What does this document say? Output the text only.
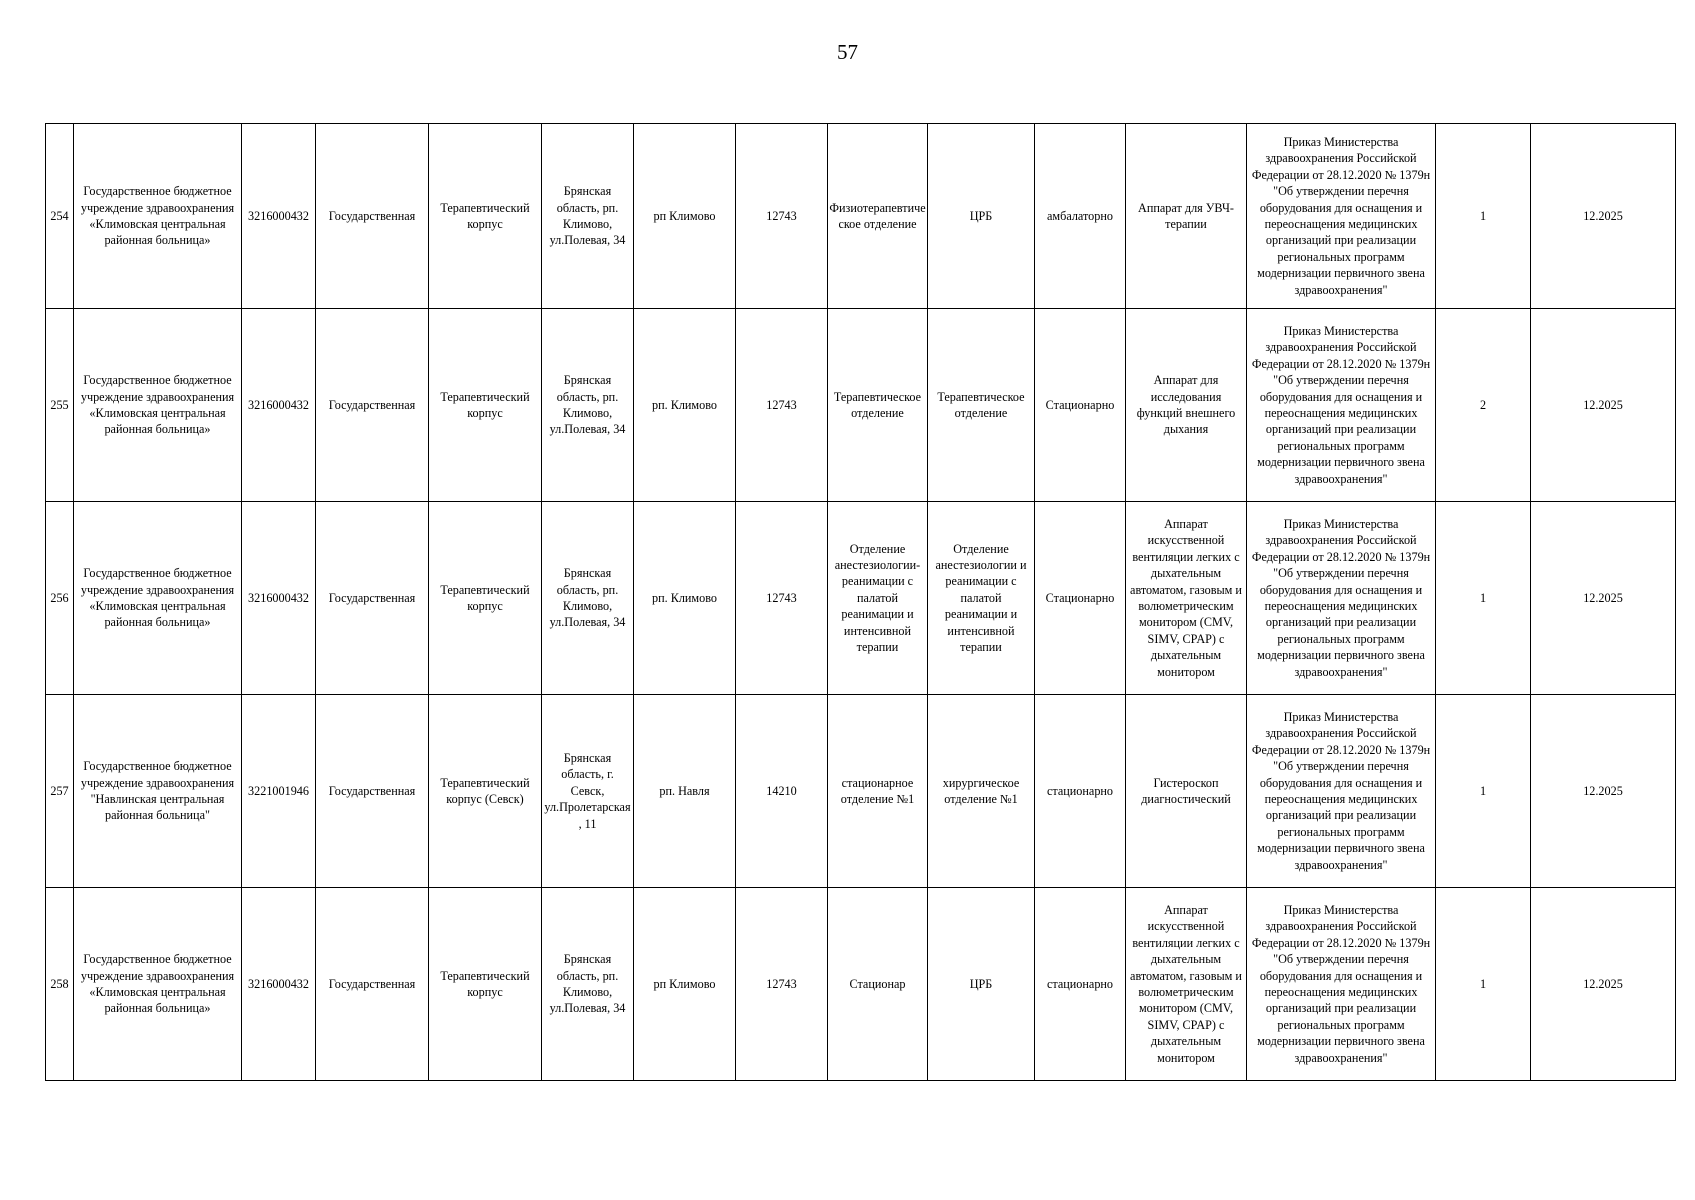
57
254	Государственное бюджетное учреждение здравоохранения «Климовская центральная районная больница»	3216000432	Государственная	Терапевтический корпус	Брянская область, рп. Климово, ул.Полевая, 34	рп Климово	12743	Физиотерапевтическое отделение	ЦРБ	амбалаторно	Аппарат для УВЧ-терапии	Приказ Министерства здравоохранения Российской Федерации от 28.12.2020 № 1379н "Об утверждении перечня оборудования для оснащения и переоснащения медицинских организаций при реализации региональных программ модернизации первичного звена здравоохранения"	1	12.2025
255	Государственное бюджетное учреждение здравоохранения «Климовская центральная районная больница»	3216000432	Государственная	Терапевтический корпус	Брянская область, рп. Климово, ул.Полевая, 34	рп. Климово	12743	Терапевтическое отделение	Терапевтическое отделение	Стационарно	Аппарат для исследования функций внешнего дыхания	Приказ Министерства здравоохранения Российской Федерации от 28.12.2020 № 1379н "Об утверждении перечня оборудования для оснащения и переоснащения медицинских организаций при реализации региональных программ модернизации первичного звена здравоохранения"	2	12.2025
256	Государственное бюджетное учреждение здравоохранения «Климовская центральная районная больница»	3216000432	Государственная	Терапевтический корпус	Брянская область, рп. Климово, ул.Полевая, 34	рп. Климово	12743	Отделение анестезиологии-реанимации с палатой реанимации и интенсивной терапии	Отделение анестезиологии и реанимации с палатой реанимации и интенсивной терапии	Стационарно	Аппарат искусственной вентиляции легких с дыхательным автоматом, газовым и волюметрическим монитором (CMV, SIMV, CPAP) с дыхательным монитором	Приказ Министерства здравоохранения Российской Федерации от 28.12.2020 № 1379н "Об утверждении перечня оборудования для оснащения и переоснащения медицинских организаций при реализации региональных программ модернизации первичного звена здравоохранения"	1	12.2025
257	Государственное бюджетное учреждение здравоохранения "Навлинская центральная районная больница"	3221001946	Государственная	Терапевтический корпус (Севск)	Брянская область, г. Севск, ул.Пролетарская, 11	рп. Навля	14210	стационарное отделение №1	хирургическое отделение №1	стационарно	Гистероскоп диагностический	Приказ Министерства здравоохранения Российской Федерации от 28.12.2020 № 1379н "Об утверждении перечня оборудования для оснащения и переоснащения медицинских организаций при реализации региональных программ модернизации первичного звена здравоохранения"	1	12.2025
258	Государственное бюджетное учреждение здравоохранения «Климовская центральная районная больница»	3216000432	Государственная	Терапевтический корпус	Брянская область, рп. Климово, ул.Полевая, 34	рп Климово	12743	Стационар	ЦРБ	стационарно	Аппарат искусственной вентиляции легких с дыхательным автоматом, газовым и волюметрическим монитором (CMV, SIMV, CPAP) с дыхательным монитором	Приказ Министерства здравоохранения Российской Федерации от 28.12.2020 № 1379н "Об утверждении перечня оборудования для оснащения и переоснащения медицинских организаций при реализации региональных программ модернизации первичного звена здравоохранения"	1	12.2025
